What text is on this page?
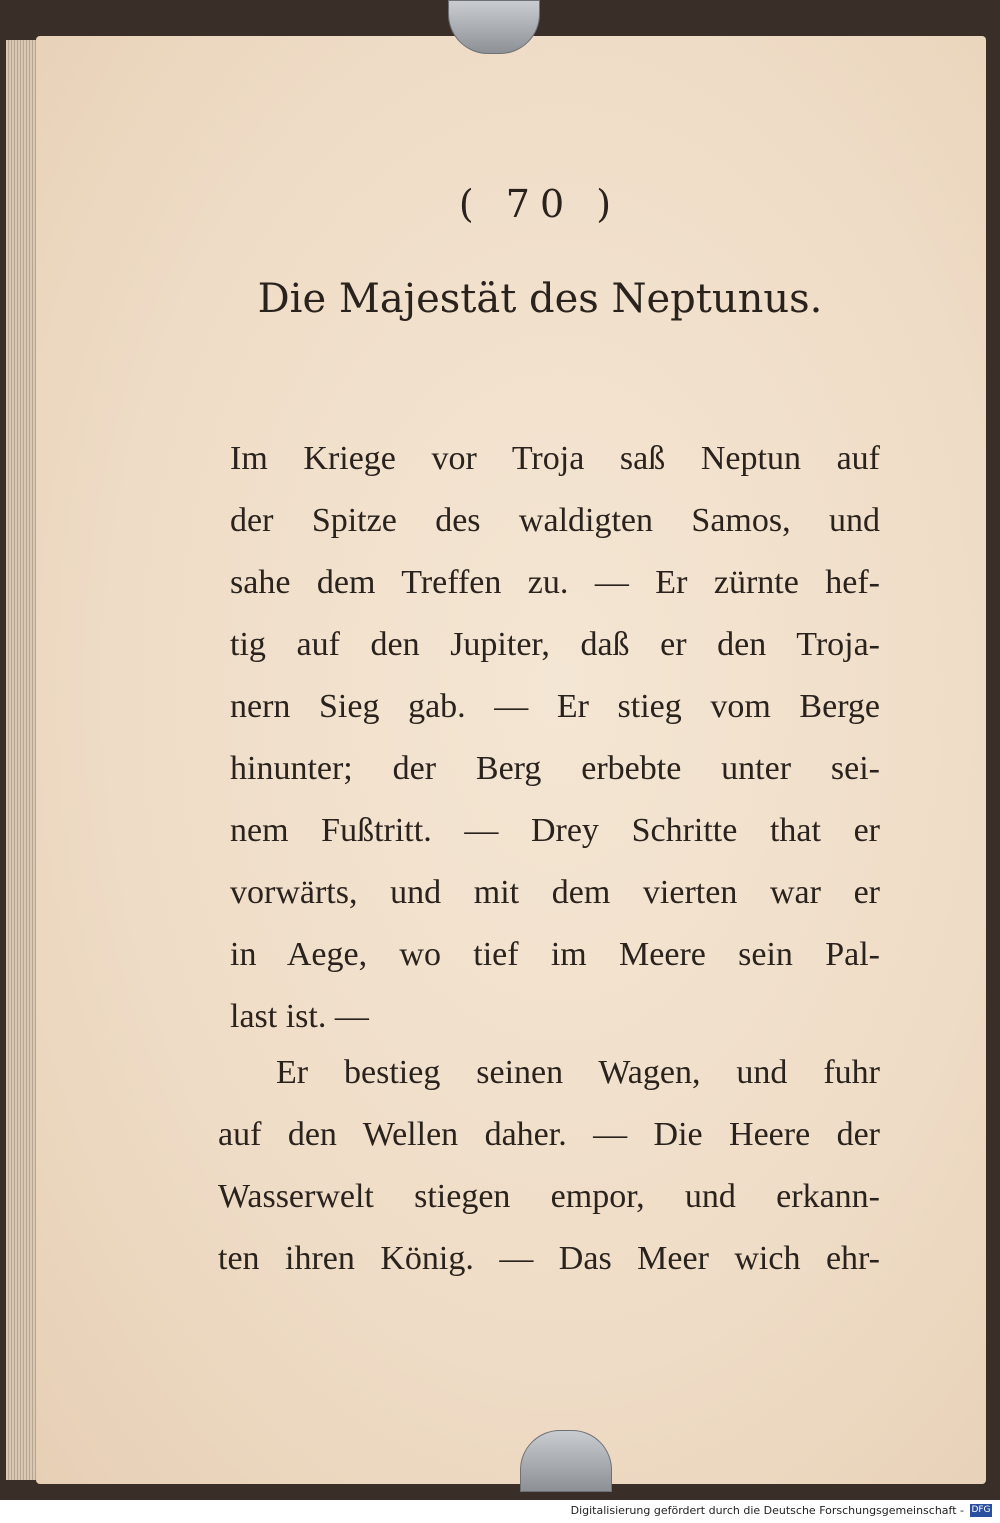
( 70 )
Die Majestät des Neptunus.
Im Kriege vor Troja saß Neptun auf
der Spitze des waldigten Samos, und
sahe dem Treffen zu. — Er zürnte hef-
tig auf den Jupiter, daß er den Troja-
nern Sieg gab. — Er stieg vom Berge
hinunter; der Berg erbebte unter sei-
nem Fußtritt. — Drey Schritte that er
vorwärts, und mit dem vierten war er
in Aege, wo tief im Meere sein Pal-
last ist. —
Er bestieg seinen Wagen, und fuhr
auf den Wellen daher. — Die Heere der
Wasserwelt stiegen empor, und erkann-
ten ihren König. — Das Meer wich ehr-
Digitalisierung gefördert durch die Deutsche Forschungsgemeinschaft - DFG
